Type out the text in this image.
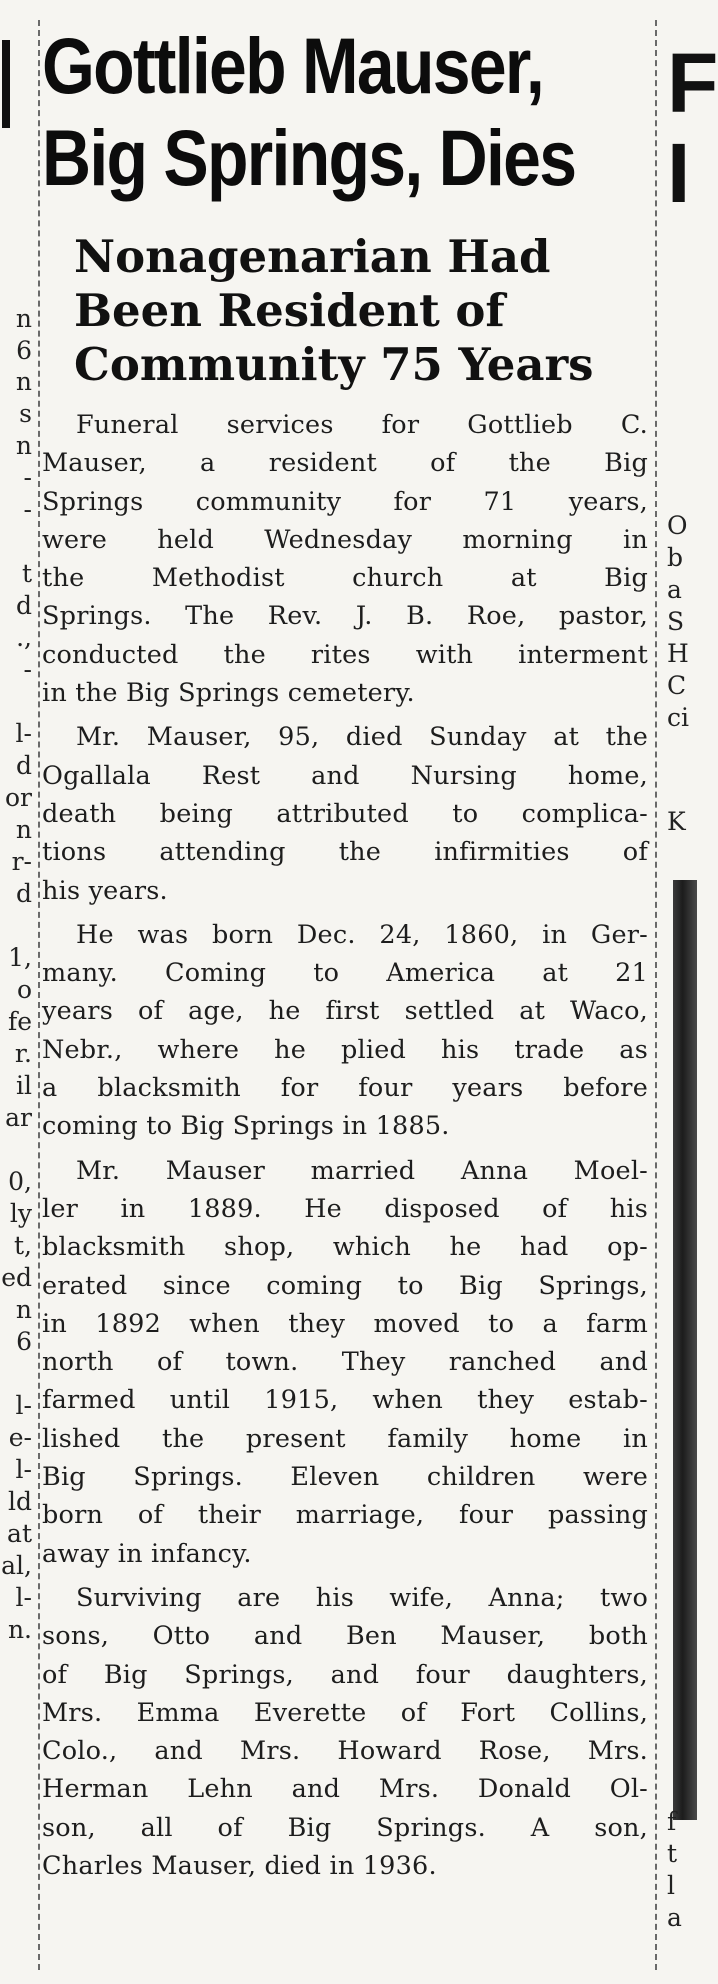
n
6
n
s
n
-
-
t
d
.,
-
l-
d
or
n
r-
d
1,
o
fe
r.
il
ar
0,
ly
t,
ed
n
6
l-
e-
l-
ld
at
al,
l-
n.
F
I
O
b
a
S
H
C
ci
K
f
t
l
a
Gottlieb Mauser,
Big Springs, Dies
Nonagenarian Had
Been Resident of
Community 75 Years

Funeral services for Gottlieb C.
Mauser, a resident of the Big
Springs community for 71 years,
were held Wednesday morning in
the Methodist church at Big
Springs. The Rev. J. B. Roe, pastor,
conducted the rites with interment
in the Big Springs cemetery.

Mr. Mauser, 95, died Sunday at the
Ogallala Rest and Nursing home,
death being attributed to complica-
tions attending the infirmities of
his years.

He was born Dec. 24, 1860, in Ger-
many. Coming to America at 21
years of age, he first settled at Waco,
Nebr., where he plied his trade as
a blacksmith for four years before
coming to Big Springs in 1885.

Mr. Mauser married Anna Moel-
ler in 1889. He disposed of his
blacksmith shop, which he had op-
erated since coming to Big Springs,
in 1892 when they moved to a farm
north of town. They ranched and
farmed until 1915, when they estab-
lished the present family home in
Big Springs. Eleven children were
born of their marriage, four passing
away in infancy.

Surviving are his wife, Anna; two
sons, Otto and Ben Mauser, both
of Big Springs, and four daughters,
Mrs. Emma Everette of Fort Collins,
Colo., and Mrs. Howard Rose, Mrs.
Herman Lehn and Mrs. Donald Ol-
son, all of Big Springs. A son,
Charles Mauser, died in 1936.
